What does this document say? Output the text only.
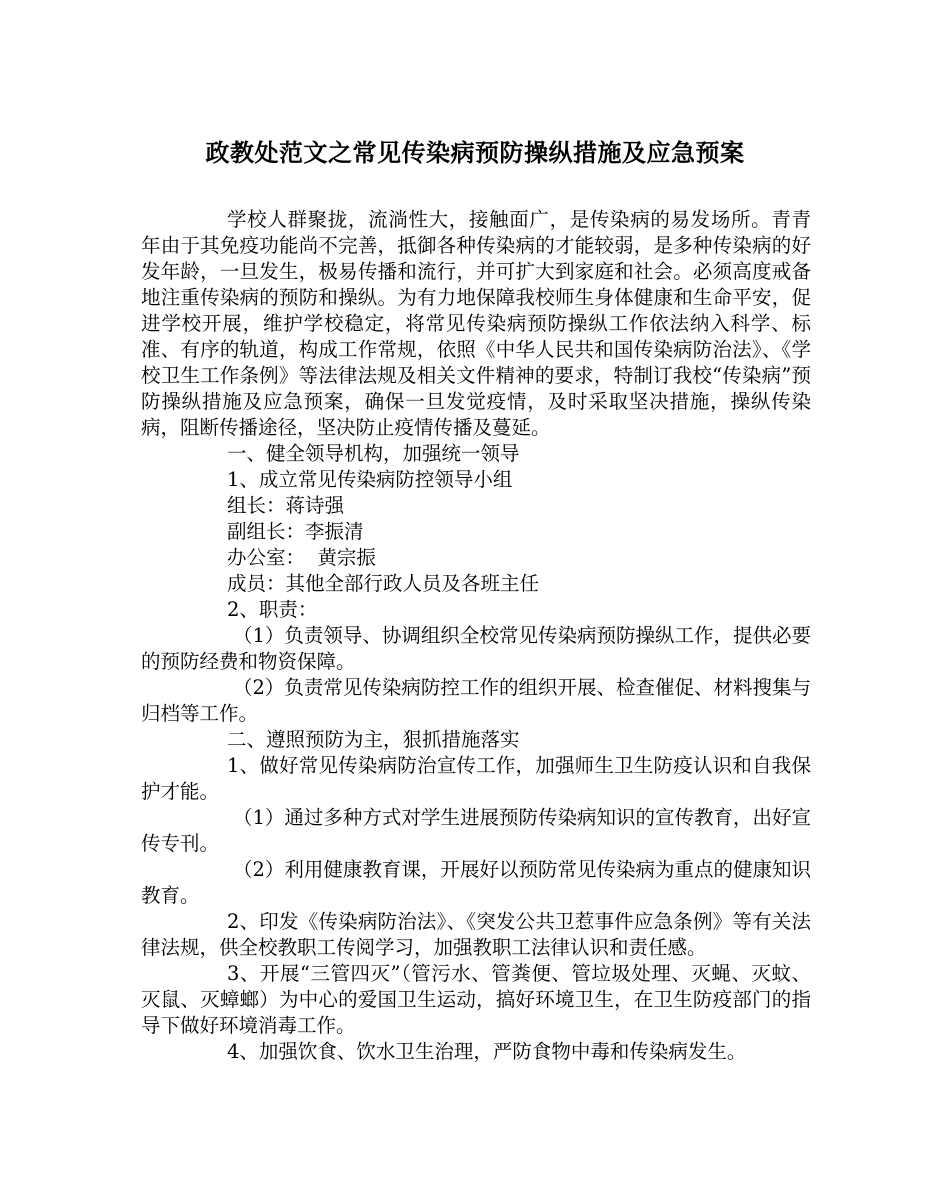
政教处范文之常见传染病预防操纵措施及应急预案

学校人群聚拢，流淌性大，接触面广，是传染病的易发场所。青青年由于其免疫功能尚不完善，抵御各种传染病的才能较弱，是多种传染病的好发年龄，一旦发生，极易传播和流行，并可扩大到家庭和社会。必须高度戒备地注重传染病的预防和操纵。为有力地保障我校师生身体健康和生命平安，促进学校开展，维护学校稳定，将常见传染病预防操纵工作依法纳入科学、标准、有序的轨道，构成工作常规，依照《中华人民共和国传染病防治法》、《学校卫生工作条例》等法律法规及相关文件精神的要求，特制订我校“传染病”预防操纵措施及应急预案，确保一旦发觉疫情，及时采取坚决措施，操纵传染病，阻断传播途径，坚决防止疫情传播及蔓延。

一、健全领导机构，加强统一领导

1、成立常见传染病防控领导小组

组长：蒋诗强

副组长：李振清

办公室：  黄宗振

成员：其他全部行政人员及各班主任

2、职责：

（1）负责领导、协调组织全校常见传染病预防操纵工作，提供必要的预防经费和物资保障。

（2）负责常见传染病防控工作的组织开展、检查催促、材料搜集与归档等工作。

二、遵照预防为主，狠抓措施落实

1、做好常见传染病防治宣传工作，加强师生卫生防疫认识和自我保护才能。

（1）通过多种方式对学生进展预防传染病知识的宣传教育，出好宣传专刊。

（2）利用健康教育课，开展好以预防常见传染病为重点的健康知识教育。

2、印发《传染病防治法》、《突发公共卫惹事件应急条例》等有关法律法规，供全校教职工传阅学习，加强教职工法律认识和责任感。

3、开展“三管四灭”（管污水、管粪便、管垃圾处理、灭蝇、灭蚊、灭鼠、灭蟑螂）为中心的爱国卫生运动，搞好环境卫生，在卫生防疫部门的指导下做好环境消毒工作。

4、加强饮食、饮水卫生治理，严防食物中毒和传染病发生。
